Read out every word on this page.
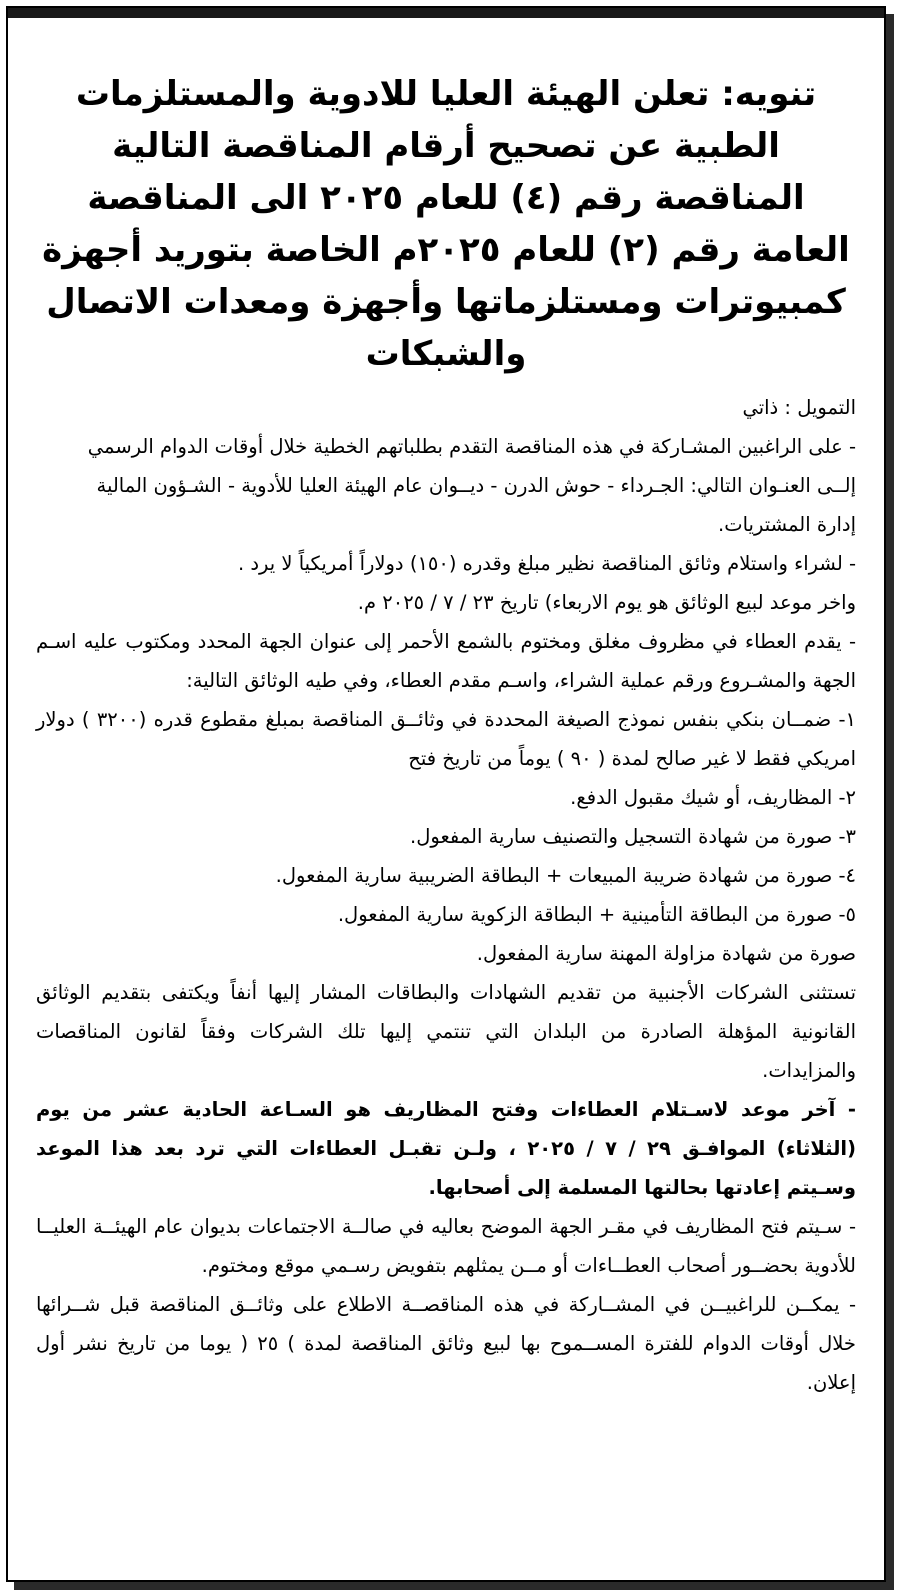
تنويه: تعلن الهيئة العليا للادوية والمستلزمات الطبية عن تصحيح أرقام المناقصة التالية المناقصة رقم (٤) للعام ٢٠٢٥ الى المناقصة العامة رقم (٢) للعام ٢٠٢٥م الخاصة بتوريد أجهزة كمبيوترات ومستلزماتها وأجهزة ومعدات الاتصال والشبكات

التمويل : ذاتي

- على الراغبين المشـاركة في هذه المناقصة التقدم بطلباتهم الخطية خلال أوقات الدوام الرسمي

إلــى العنـوان التالي: الجـرداء - حوش الدرن - ديــوان عام الهيئة العليا للأدوية - الشـؤون المالية

إدارة المشتريات.

- لشراء واستلام وثائق المناقصة نظير مبلغ وقدره (١٥٠) دولاراً أمريكياً لا يرد .

واخر موعد لبيع الوثائق هو يوم الاربعاء) تاريخ ٢٣ / ٧ / ٢٠٢٥ م.

- يقدم العطاء في مظروف مغلق ومختوم بالشمع الأحمر إلى عنوان الجهة المحدد ومكتوب عليه اسـم الجهة والمشـروع ورقم عملية الشراء، واسـم مقدم العطاء، وفي طيه الوثائق التالية:

١- ضمــان بنكي بنفس نموذج الصيغة المحددة في وثائــق المناقصة بمبلغ مقطوع قدره (٣٢٠٠ ) دولار امريكي فقط لا غير صالح لمدة ( ٩٠ ) يوماً من تاريخ فتح

٢- المظاريف، أو شيك مقبول الدفع.

٣- صورة من شهادة التسجيل والتصنيف سارية المفعول.

٤- صورة من شهادة ضريبة المبيعات + البطاقة الضريبية سارية المفعول.

٥- صورة من البطاقة التأمينية + البطاقة الزكوية سارية المفعول.

صورة من شهادة مزاولة المهنة سارية المفعول.

تستثنى الشركات الأجنبية من تقديم الشهادات والبطاقات المشار إليها أنفاً ويكتفى بتقديم الوثائق القانونية المؤهلة الصادرة من البلدان التي تنتمي إليها تلك الشركات وفقاً لقانون المناقصات والمزايدات.

- آخر موعد لاسـتلام العطاءات وفتح المظاريف هو السـاعة الحادية عشر من يوم (الثلاثاء) الموافـق ٢٩ / ٧ / ٢٠٢٥ ، ولـن تقبـل العطاءات التي ترد بعد هذا الموعد وسـيتم إعادتها بحالتها المسلمة إلى أصحابها.

- سـيتم فتح المظاريف في مقـر الجهة الموضح بعاليه في صالــة الاجتماعات بديوان عام الهيئــة العليــا للأدوية بحضــور أصحاب العطــاءات أو مــن يمثلهم بتفويض رسـمي موقع ومختوم.

- يمكــن للراغبيــن في المشــاركة في هذه المناقصــة الاطلاع على وثائــق المناقصة قبل شــرائها خلال أوقات الدوام للفترة المســموح بها لبيع وثائق المناقصة لمدة ) ٢٥ ( يوما من تاريخ نشر أول إعلان.
